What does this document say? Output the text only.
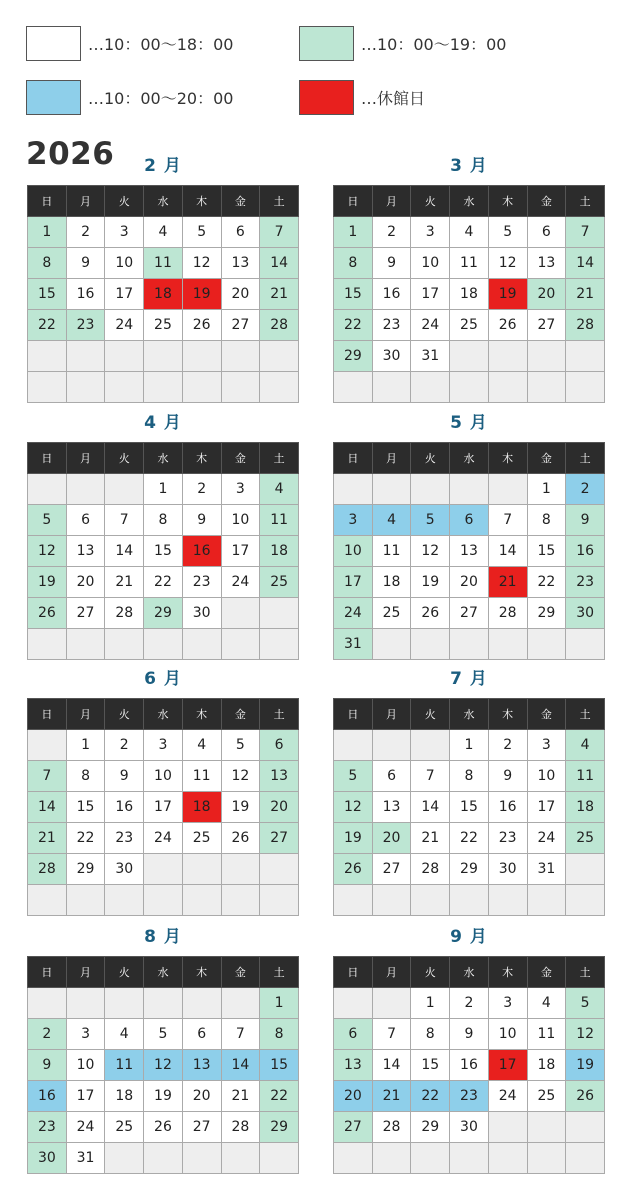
…10：00〜18：00	…10：00〜19：00
…10：00〜20：00	…休館日
2026	2 月
日	月	火	水	木	金	土
1	2	3	4	5	6	7
8	9	10	11	12	13	14
15	16	17	18	19	20	21
22	23	24	25	26	27	28

3 月
日	月	火	水	木	金	土
1	2	3	4	5	6	7
8	9	10	11	12	13	14
15	16	17	18	19	20	21
22	23	24	25	26	27	28
29	30	31				

4 月
日	月	火	水	木	金	土
			1	2	3	4
5	6	7	8	9	10	11
12	13	14	15	16	17	18
19	20	21	22	23	24	25
26	27	28	29	30		

5 月
日	月	火	水	木	金	土
					1	2
3	4	5	6	7	8	9
10	11	12	13	14	15	16
17	18	19	20	21	22	23
24	25	26	27	28	29	30
31						
6 月
日	月	火	水	木	金	土
	1	2	3	4	5	6
7	8	9	10	11	12	13
14	15	16	17	18	19	20
21	22	23	24	25	26	27
28	29	30				

7 月
日	月	火	水	木	金	土
			1	2	3	4
5	6	7	8	9	10	11
12	13	14	15	16	17	18
19	20	21	22	23	24	25
26	27	28	29	30	31	

8 月
日	月	火	水	木	金	土
						1
2	3	4	5	6	7	8
9	10	11	12	13	14	15
16	17	18	19	20	21	22
23	24	25	26	27	28	29
30	31					
9 月
日	月	火	水	木	金	土
		1	2	3	4	5
6	7	8	9	10	11	12
13	14	15	16	17	18	19
20	21	22	23	24	25	26
27	28	29	30			
